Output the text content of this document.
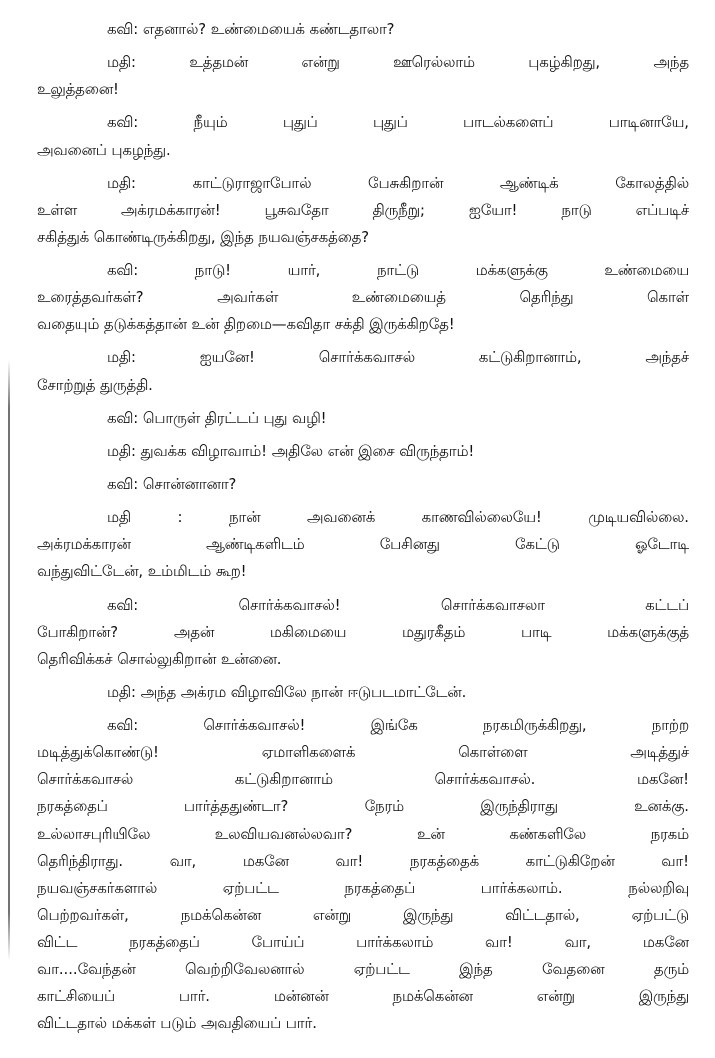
கவி: எதனால்? உண்மையைக் கண்டதாலா?
மதி: உத்தமன் என்று ஊரெல்லாம் புகழ்கிறது, அந்த
உலுத்தனை!
கவி: நீயும் புதுப் புதுப் பாடல்களைப் பாடினாயே,
அவனைப் புகழந்து.
மதி: காட்டுராஜாபோல் பேசுகிறான் ஆண்டிக் கோலத்தில்
உள்ள அக்ரமக்காரன்! பூசுவதோ திருநீறு; ஐயோ! நாடு எப்படிச்
சகித்துக் கொண்டிருக்கிறது, இந்த நயவஞ்சகத்தை?
கவி: நாடு! யார், நாட்டு மக்களுக்கு உண்மையை
உரைத்தவர்கள்? அவர்கள் உண்மையைத் தெரிந்து கொள்
வதையும் தடுக்கத்தான் உன் திறமை—கவிதா சக்தி இருக்கிறதே!
மதி: ஐயனே! சொர்க்கவாசல் கட்டுகிறானாம், அந்தச்
சோற்றுத் துருத்தி.
கவி: பொருள் திரட்டப் புது வழி!
மதி: துவக்க விழாவாம்! அதிலே என் இசை விருந்தாம்!
கவி: சொன்னானா?
மதி : நான் அவனைக் காணவில்லையே! முடியவில்லை.
அக்ரமக்காரன் ஆண்டிகளிடம் பேசினது கேட்டு ஓடோடி
வந்துவிட்டேன், உம்மிடம் கூற!
கவி: சொர்க்கவாசல்! சொர்க்கவாசலா கட்டப்
போகிறான்? அதன் மகிமையை மதுரகீதம் பாடி மக்களுக்குத்
தெரிவிக்கச் சொல்லுகிறான் உன்னை.
மதி: அந்த அக்ரம விழாவிலே நான் ஈடுபடமாட்டேன்.
கவி: சொர்க்கவாசல்! இங்கே நரகமிருக்கிறது, நாற்ற
மடித்துக்கொண்டு! ஏமாளிகளைக் கொள்ளை அடித்துச்
சொர்க்கவாசல் கட்டுகிறானாம் சொர்க்கவாசல். மகனே!
நரகத்தைப் பார்த்ததுண்டா? நேரம் இருந்திராது உனக்கு.
உல்லாசபுரியிலே உலவியவனல்லவா? உன் கண்களிலே நரகம்
தெரிந்திராது. வா, மகனே வா! நரகத்தைக் காட்டுகிறேன் வா!
நயவஞ்சகர்களால் ஏற்பட்ட நரகத்தைப் பார்க்கலாம். நல்லறிவு
பெற்றவர்கள், நமக்கென்ன என்று இருந்து விட்டதால், ஏற்பட்டு
விட்ட நரகத்தைப் போய்ப் பார்க்கலாம் வா! வா, மகனே
வா....வேந்தன் வெற்றிவேலனால் ஏற்பட்ட இந்த வேதனை தரும்
காட்சியைப் பார். மன்னன் நமக்கென்ன என்று இருந்து
விட்டதால் மக்கள் படும் அவதியைப் பார்.
